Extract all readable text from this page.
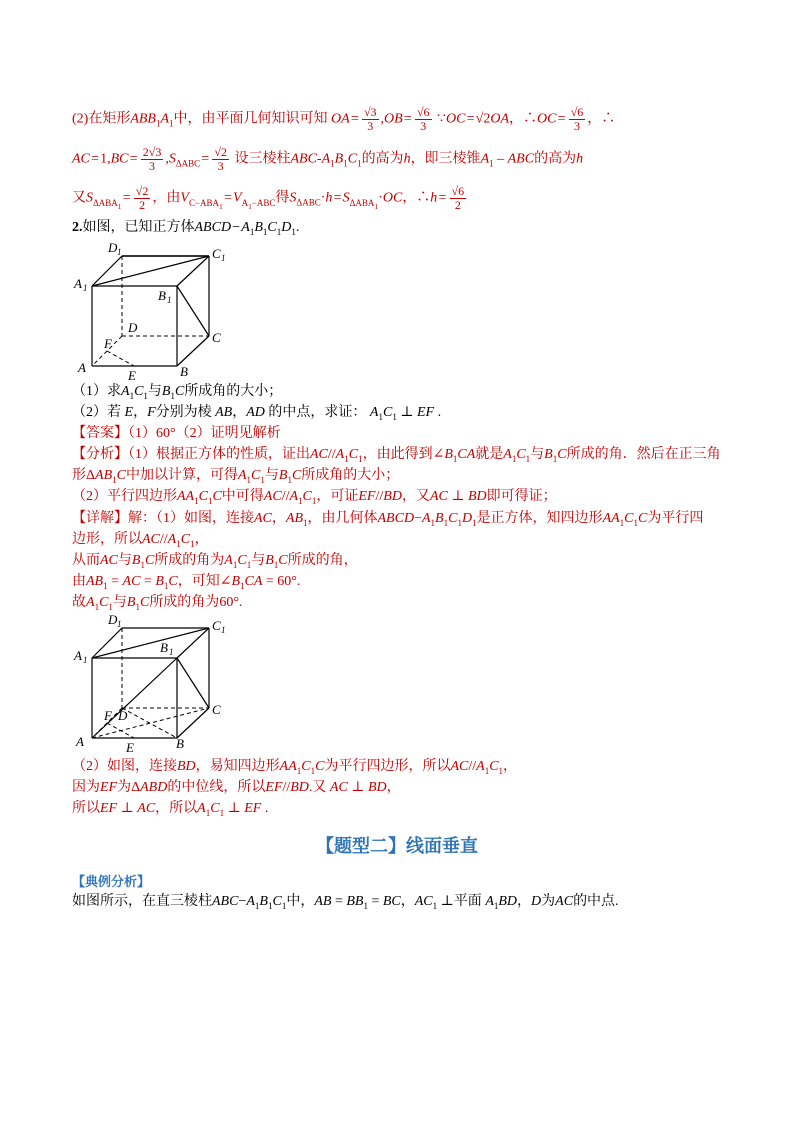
(2)在矩形$ABB_1A_1$中，由平面几何知识可知 OA =  $\frac{√3}{3} ,OB$ =  $\frac{√6}{3}$ ∵OC = √2OA，∴OC =  $\frac{√6}{3}$ ，∴
AC = 1,BC =  $\frac{2√3}{3} ,S_{\Delta ABC}$ =  $\frac{√2}{3}$ 设三棱柱ABC-$A_1B_1C_1$的高为h，即三棱锥$A_1$ – ABC的高为h
又$S_{\Delta ABA_1}$ =  $\frac{√2}{2}$ ，由$V_{C-ABA_1}$ = $V_{A_1-ABC}$得$S_{\Delta ABC}\cdot h$ = $S_{\Delta ABA_1}\cdot OC$，∴h =  $\frac{√6}{2}$
2.如图，已知正方体ABCD − $A_1B_1C_1D_1$.
D 1	C 1
A 1	B 1
D
C
F
A	B
E
（1）求$A_1C_1$与$B_1C$所成角的大小；
（2）若 E，F分别为棱 AB，AD 的中点，求证： $A_1C_1$ ⊥ EF .
【答案】（1）60°（2）证明见解析
【分析】（1）根据正方体的性质，证出$AC//A_1C_1$，由此得到$\angle B_1CA$就是$A_1C_1$与$B_1C$所成的角．然后在正三角
形$\Delta AB_1C$中加以计算，可得$A_1C_1$与$B_1C$所成角的大小；
（2）平行四边形$AA_1C_1C$中可得$AC//A_1C_1$，可证EF//BD，又AC ⊥ BD即可得证；
【详解】解：（1）如图，连接AC，$AB_1$，由几何体$ABCD-A_1B_1C_1D_1$是正方体，知四边形$AA_1C_1C$为平行四
边形，所以$AC//A_1C_1$，
从而AC与$B_1C$所成的角为$A_1C_1$与$B_1C$所成的角，
由$AB_1$ = AC = $B_1C$，可知$\angle B_1CA = 60^\circ$.
故$A_1C_1$与$B_1C$所成的角为60°.
D 1	C 1
A 1
B 1
D	C
F
A	B
E
（2）如图，连接BD，易知四边形$AA_1C_1C$为平行四边形，所以$AC//A_1C_1$，
因为EF为ΔABD的中位线，所以EF//BD.又 AC ⊥ BD，
所以EF ⊥ AC，所以$A_1C_1$ ⊥ EF .
【题型二】线面垂直
【典例分析】
如图所示，在直三棱柱$ABC-A_1B_1C_1$中，AB = $BB_1$ = BC，$AC_1$ ⊥平面 $A_1BD$，D为AC的中点.
